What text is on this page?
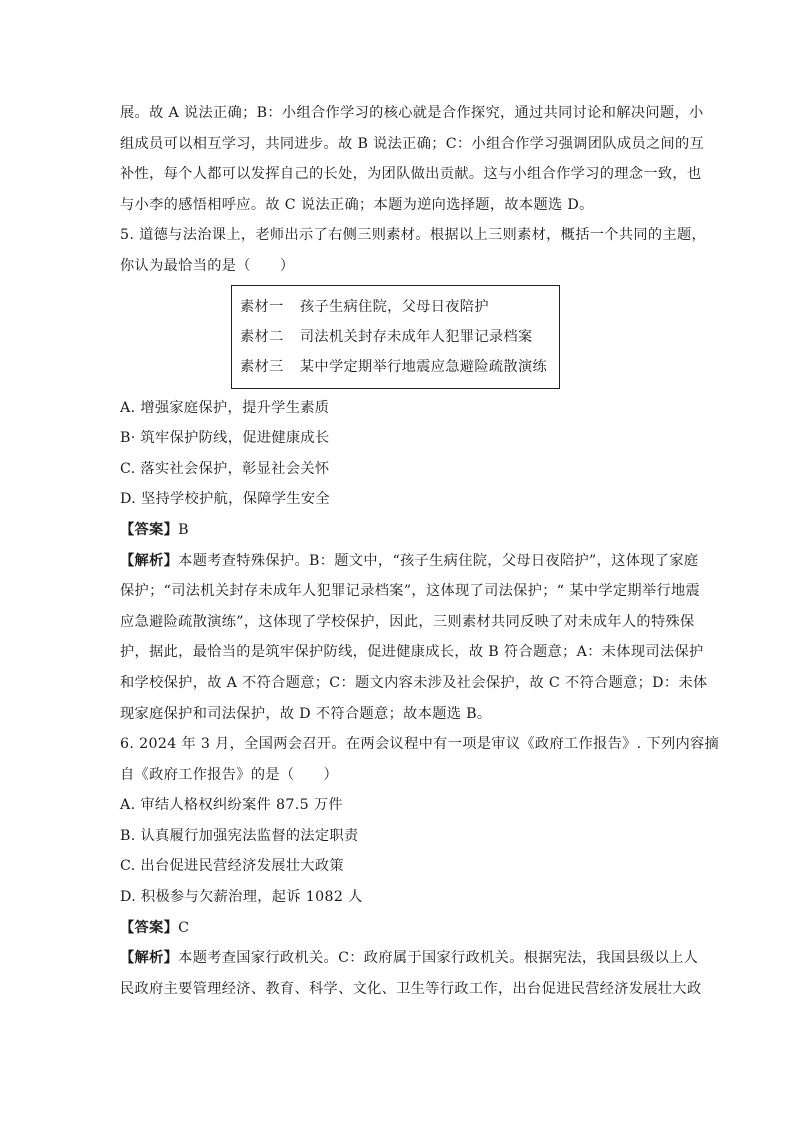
展。故 A 说法正确；B：小组合作学习的核心就是合作探究，通过共同讨论和解决问题，小
组成员可以相互学习，共同进步。故 B 说法正确；C：小组合作学习强调团队成员之间的互
补性，每个人都可以发挥自己的长处，为团队做出贡献。这与小组合作学习的理念一致，也
与小李的感悟相呼应。故 C 说法正确；本题为逆向选择题，故本题选 D。
5. 道德与法治课上，老师出示了右侧三则素材。根据以上三则素材，概括一个共同的主题，
你认为最恰当的是（　　）
素材一 孩子生病住院，父母日夜陪护
素材二 司法机关封存未成年人犯罪记录档案
素材三 某中学定期举行地震应急避险疏散演练
A. 增强家庭保护，提升学生素质
B· 筑牢保护防线，促进健康成长
C. 落实社会保护，彰显社会关怀
D. 坚持学校护航，保障学生安全
【答案】B
【解析】本题考查特殊保护。B：题文中，“孩子生病住院，父母日夜陪护”，这体现了家庭
保护；“司法机关封存未成年人犯罪记录档案”，这体现了司法保护；“ 某中学定期举行地震
应急避险疏散演练”，这体现了学校保护，因此，三则素材共同反映了对未成年人的特殊保
护，据此，最恰当的是筑牢保护防线，促进健康成长，故 B 符合题意；A：未体现司法保护
和学校保护，故 A 不符合题意；C：题文内容未涉及社会保护，故 C 不符合题意；D：未体
现家庭保护和司法保护，故 D 不符合题意；故本题选 B。
6. 2024 年 3 月，全国两会召开。在两会议程中有一项是审议《政府工作报告》. 下列内容摘
自《政府工作报告》的是（　　）
A. 审结人格权纠纷案件 87.5 万件
B. 认真履行加强宪法监督的法定职责
C. 出台促进民营经济发展壮大政策
D. 积极参与欠薪治理，起诉 1082 人
【答案】C
【解析】本题考查国家行政机关。C：政府属于国家行政机关。根据宪法，我国县级以上人
民政府主要管理经济、教育、科学、文化、卫生等行政工作，出台促进民营经济发展壮大政
